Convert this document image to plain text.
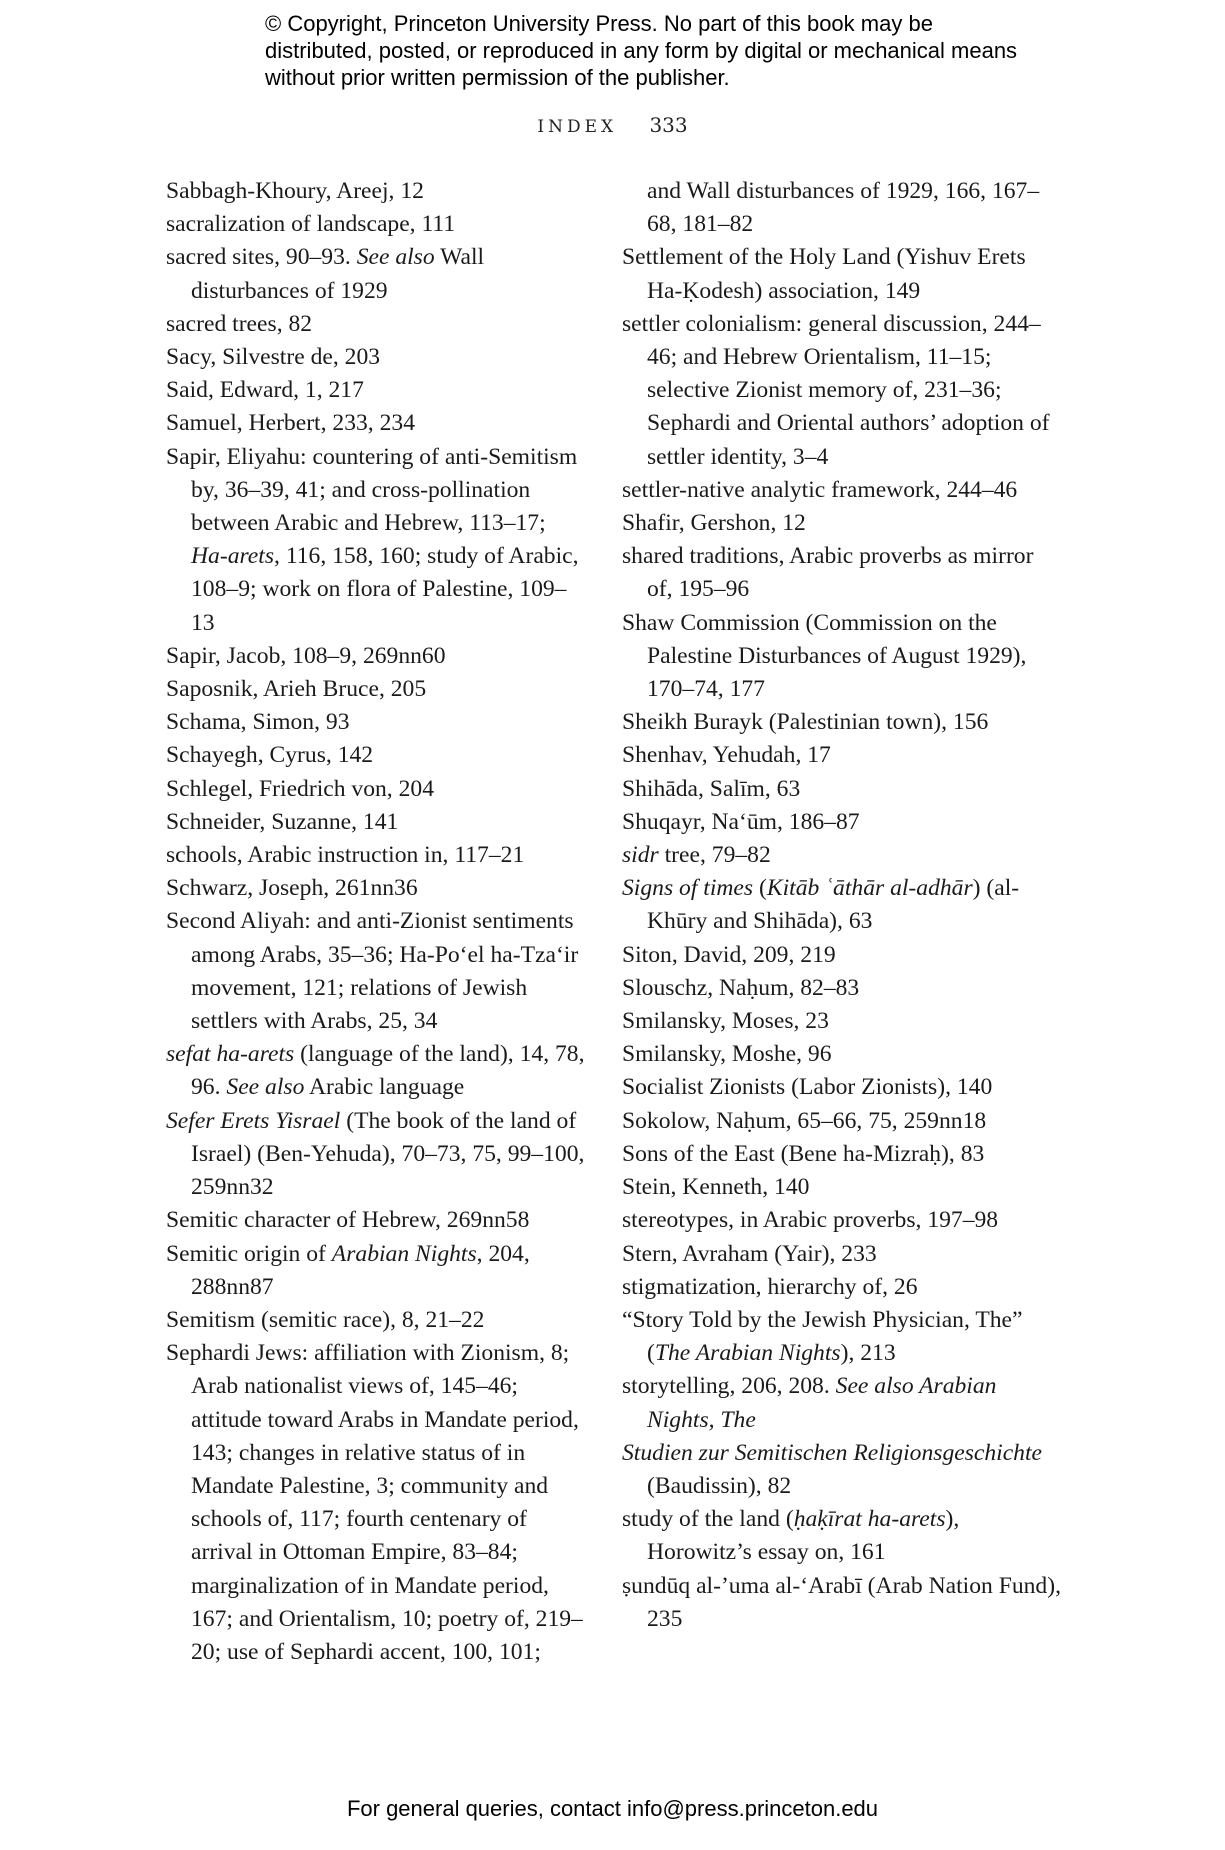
© Copyright, Princeton University Press. No part of this book may be distributed, posted, or reproduced in any form by digital or mechanical means without prior written permission of the publisher.
INDEX 333
Sabbagh-Khoury, Areej, 12
sacralization of landscape, 111
sacred sites, 90–93. See also Wall disturbances of 1929
sacred trees, 82
Sacy, Silvestre de, 203
Said, Edward, 1, 217
Samuel, Herbert, 233, 234
Sapir, Eliyahu: countering of anti-Semitism by, 36–39, 41; and cross-pollination between Arabic and Hebrew, 113–17; Ha-arets, 116, 158, 160; study of Arabic, 108–9; work on flora of Palestine, 109–13
Sapir, Jacob, 108–9, 269nn60
Saposnik, Arieh Bruce, 205
Schama, Simon, 93
Schayegh, Cyrus, 142
Schlegel, Friedrich von, 204
Schneider, Suzanne, 141
schools, Arabic instruction in, 117–21
Schwarz, Joseph, 261nn36
Second Aliyah: and anti-Zionist sentiments among Arabs, 35–36; Ha-Po‘el ha-Tza‘ir movement, 121; relations of Jewish settlers with Arabs, 25, 34
sefat ha-arets (language of the land), 14, 78, 96. See also Arabic language
Sefer Erets Yisrael (The book of the land of Israel) (Ben-Yehuda), 70–73, 75, 99–100, 259nn32
Semitic character of Hebrew, 269nn58
Semitic origin of Arabian Nights, 204, 288nn87
Semitism (semitic race), 8, 21–22
Sephardi Jews: affiliation with Zionism, 8; Arab nationalist views of, 145–46; attitude toward Arabs in Mandate period, 143; changes in relative status of in Mandate Palestine, 3; community and schools of, 117; fourth centenary of arrival in Ottoman Empire, 83–84; marginalization of in Mandate period, 167; and Orientalism, 10; poetry of, 219–20; use of Sephardi accent, 100, 101;
and Wall disturbances of 1929, 166, 167–68, 181–82
Settlement of the Holy Land (Yishuv Erets Ha-Ḳodesh) association, 149
settler colonialism: general discussion, 244–46; and Hebrew Orientalism, 11–15; selective Zionist memory of, 231–36; Sephardi and Oriental authors’ adoption of settler identity, 3–4
settler-native analytic framework, 244–46
Shafir, Gershon, 12
shared traditions, Arabic proverbs as mirror of, 195–96
Shaw Commission (Commission on the Palestine Disturbances of August 1929), 170–74, 177
Sheikh Burayk (Palestinian town), 156
Shenhav, Yehudah, 17
Shihāda, Salīm, 63
Shuqayr, Na‘ūm, 186–87
sidr tree, 79–82
Signs of times (Kitāb ʿāthār al-adhār) (al-Khūry and Shihāda), 63
Siton, David, 209, 219
Slouschz, Naḥum, 82–83
Smilansky, Moses, 23
Smilansky, Moshe, 96
Socialist Zionists (Labor Zionists), 140
Sokolow, Naḥum, 65–66, 75, 259nn18
Sons of the East (Bene ha-Mizraḥ), 83
Stein, Kenneth, 140
stereotypes, in Arabic proverbs, 197–98
Stern, Avraham (Yair), 233
stigmatization, hierarchy of, 26
“Story Told by the Jewish Physician, The” (The Arabian Nights), 213
storytelling, 206, 208. See also Arabian Nights, The
Studien zur Semitischen Religionsgeschichte (Baudissin), 82
study of the land (ḥaḳīrat ha-arets), Horowitz’s essay on, 161
ṣundūq al-’uma al-‘Arabī (Arab Nation Fund), 235
For general queries, contact info@press.princeton.edu
